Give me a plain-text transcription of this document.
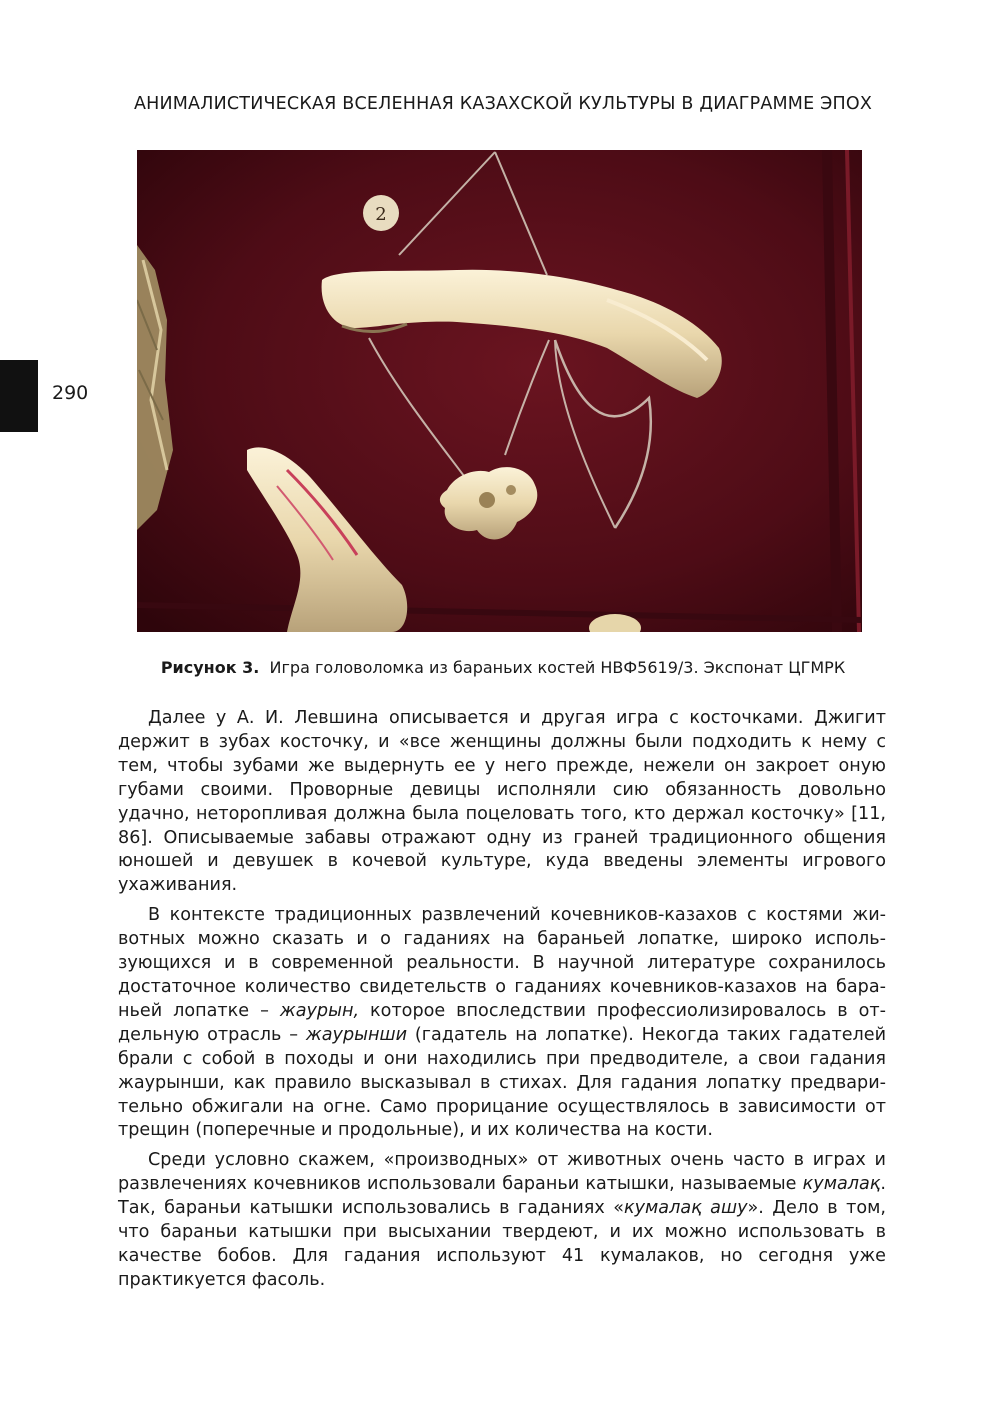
АНИМАЛИСТИЧЕСКАЯ ВСЕЛЕННАЯ КАЗАХСКОЙ КУЛЬТУРЫ В ДИАГРАММЕ ЭПОХ
290
2
Рисунок 3. Игра головоломка из бараньих костей НВФ5619/3. Экспонат ЦГМРК

Далее у А. И. Левшина описывается и другая игра с косточками. Джигит держит в зубах косточку, и «все женщины должны были подходить к нему с тем, чтобы зубами же выдернуть ее у него прежде, нежели он закроет оную губами своими. Проворные девицы исполняли сию обязанность довольно удачно, неторопливая должна была поцеловать того, кто держал косточку» [11, 86]. Описываемые забавы отражают одну из граней традиционного общения юношей и девушек в кочевой культуре, куда введены элементы игрового ухаживания.

В контексте традиционных развлечений кочевников-казахов с костями животных можно сказать и о гаданиях на бараньей лопатке, широко использующихся и в современной реальности. В научной литературе сохранилось достаточное количество свидетельств о гаданиях кочевников-казахов на бараньей лопатке – жаурын, которое впоследствии профессиолизировалось в отдельную отрасль – жаурынши (гадатель на лопатке). Некогда таких гадателей брали с собой в походы и они находились при предводителе, а свои гадания жаурынши, как правило высказывал в стихах. Для гадания лопатку предварительно обжигали на огне. Само прорицание осуществлялось в зависимости от трещин (поперечные и продольные), и их количества на кости.

Среди условно скажем, «производных» от животных очень часто в играх и развлечениях кочевников использовали бараньи катышки, называемые кумалақ. Так, бараньи катышки использовались в гаданиях «кумалақ ашу». Дело в том, что бараньи катышки при высыхании твердеют, и их можно использовать в качестве бобов. Для гадания используют 41 кумалаков, но сегодня уже практикуется фасоль.
